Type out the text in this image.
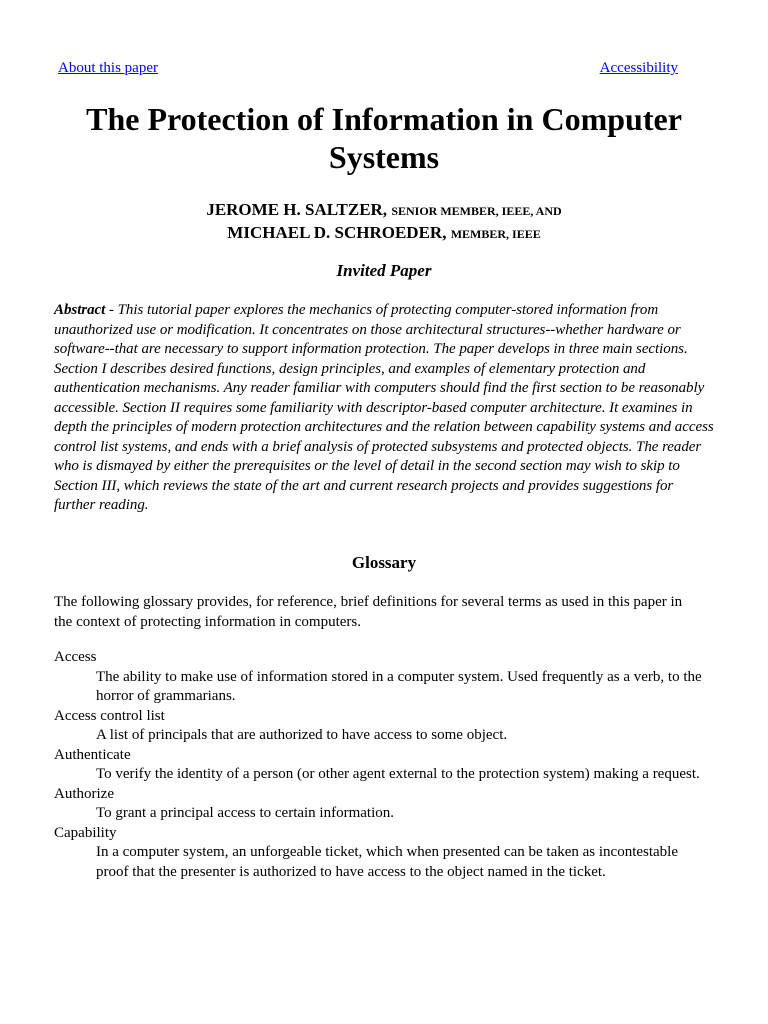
About this paper	Accessibility
The Protection of Information in Computer Systems
JEROME H. SALTZER, SENIOR MEMBER, IEEE, AND
MICHAEL D. SCHROEDER, MEMBER, IEEE
Invited Paper

Abstract - This tutorial paper explores the mechanics of protecting computer-stored information from unauthorized use or modification. It concentrates on those architectural structures--whether hardware or software--that are necessary to support information protection. The paper develops in three main sections. Section I describes desired functions, design principles, and examples of elementary protection and authentication mechanisms. Any reader familiar with computers should find the first section to be reasonably accessible. Section II requires some familiarity with descriptor-based computer architecture. It examines in depth the principles of modern protection architectures and the relation between capability systems and access control list systems, and ends with a brief analysis of protected subsystems and protected objects. The reader who is dismayed by either the prerequisites or the level of detail in the second section may wish to skip to Section III, which reviews the state of the art and current research projects and provides suggestions for further reading.

Glossary

The following glossary provides, for reference, brief definitions for several terms as used in this paper in the context of protecting information in computers.

Access
The ability to make use of information stored in a computer system. Used frequently as a verb, to the horror of grammarians.
Access control list
A list of principals that are authorized to have access to some object.
Authenticate
To verify the identity of a person (or other agent external to the protection system) making a request.
Authorize
To grant a principal access to certain information.
Capability
In a computer system, an unforgeable ticket, which when presented can be taken as incontestable proof that the presenter is authorized to have access to the object named in the ticket.
